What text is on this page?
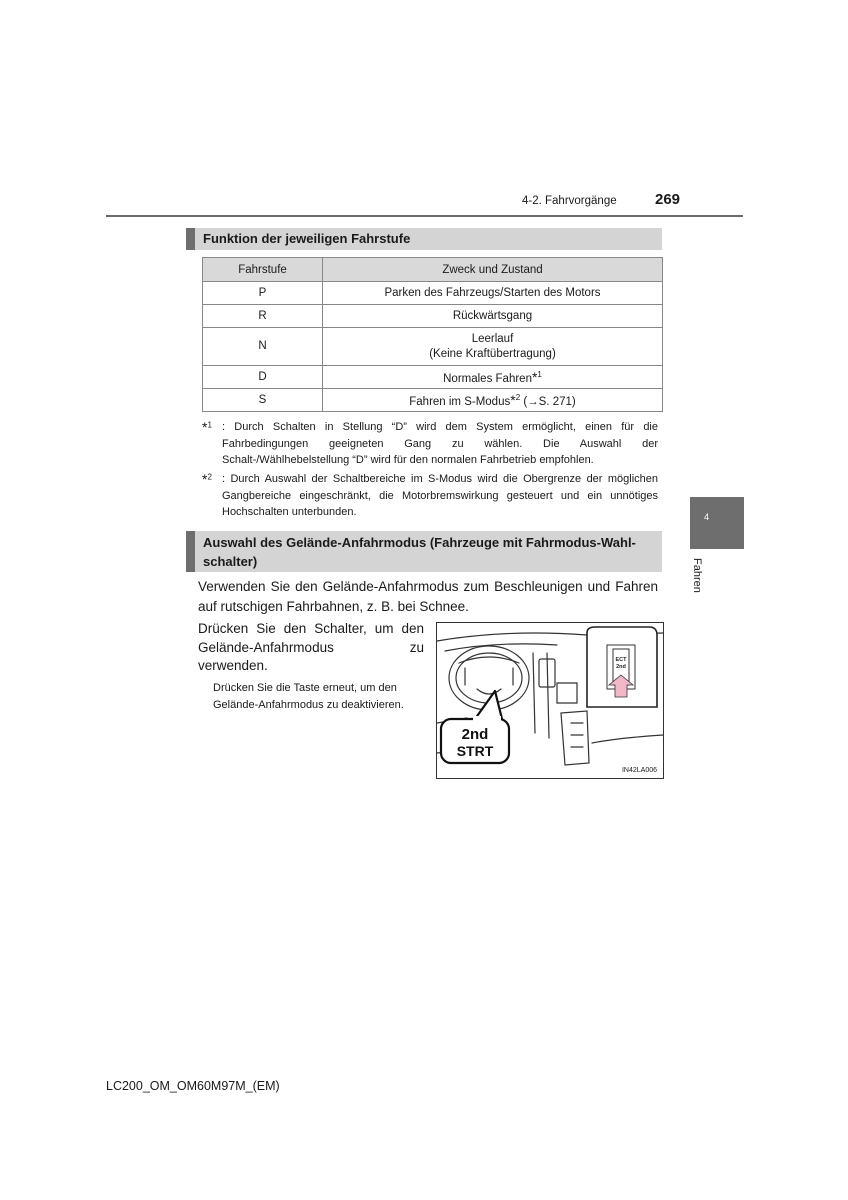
4-2. Fahrvorgänge	269
Funktion der jeweiligen Fahrstufe
Fahrstufe	Zweck und Zustand
P	Parken des Fahrzeugs/Starten des Motors
R	Rückwärtsgang
N	Leerlauf
(Keine Kraftübertragung)
D	Normales Fahren*$^1$
S	Fahren im S-Modus*$^2$ (→S. 271)
*$^1$ : Durch Schalten in Stellung “D” wird dem System ermöglicht, einen für die Fahrbedingungen geeigneten Gang zu wählen. Die Auswahl der Schalt-/Wählhebelstellung “D” wird für den normalen Fahrbetrieb empfohlen.
*$^2$ : Durch Auswahl der Schaltbereiche im S-Modus wird die Obergrenze der möglichen Gangbereiche eingeschränkt, die Motorbremswirkung gesteuert und ein unnötiges Hochschalten unterbunden.
Auswahl des Gelände-Anfahrmodus (Fahrzeuge mit Fahrmodus-Wahl-
schalter)
Verwenden Sie den Gelände-Anfahrmodus zum Beschleunigen und Fahren auf rutschigen Fahrbahnen, z. B. bei Schnee.
Drücken Sie den Schalter, um den Gelände-Anfahrmodus zu verwenden.
Drücken Sie die Taste erneut, um den Gelände-Anfahrmodus zu deaktivieren.
ECT
2nd
2nd
STRT
IN42LA006
4
Fahren
LC200_OM_OM60M97M_(EM)
